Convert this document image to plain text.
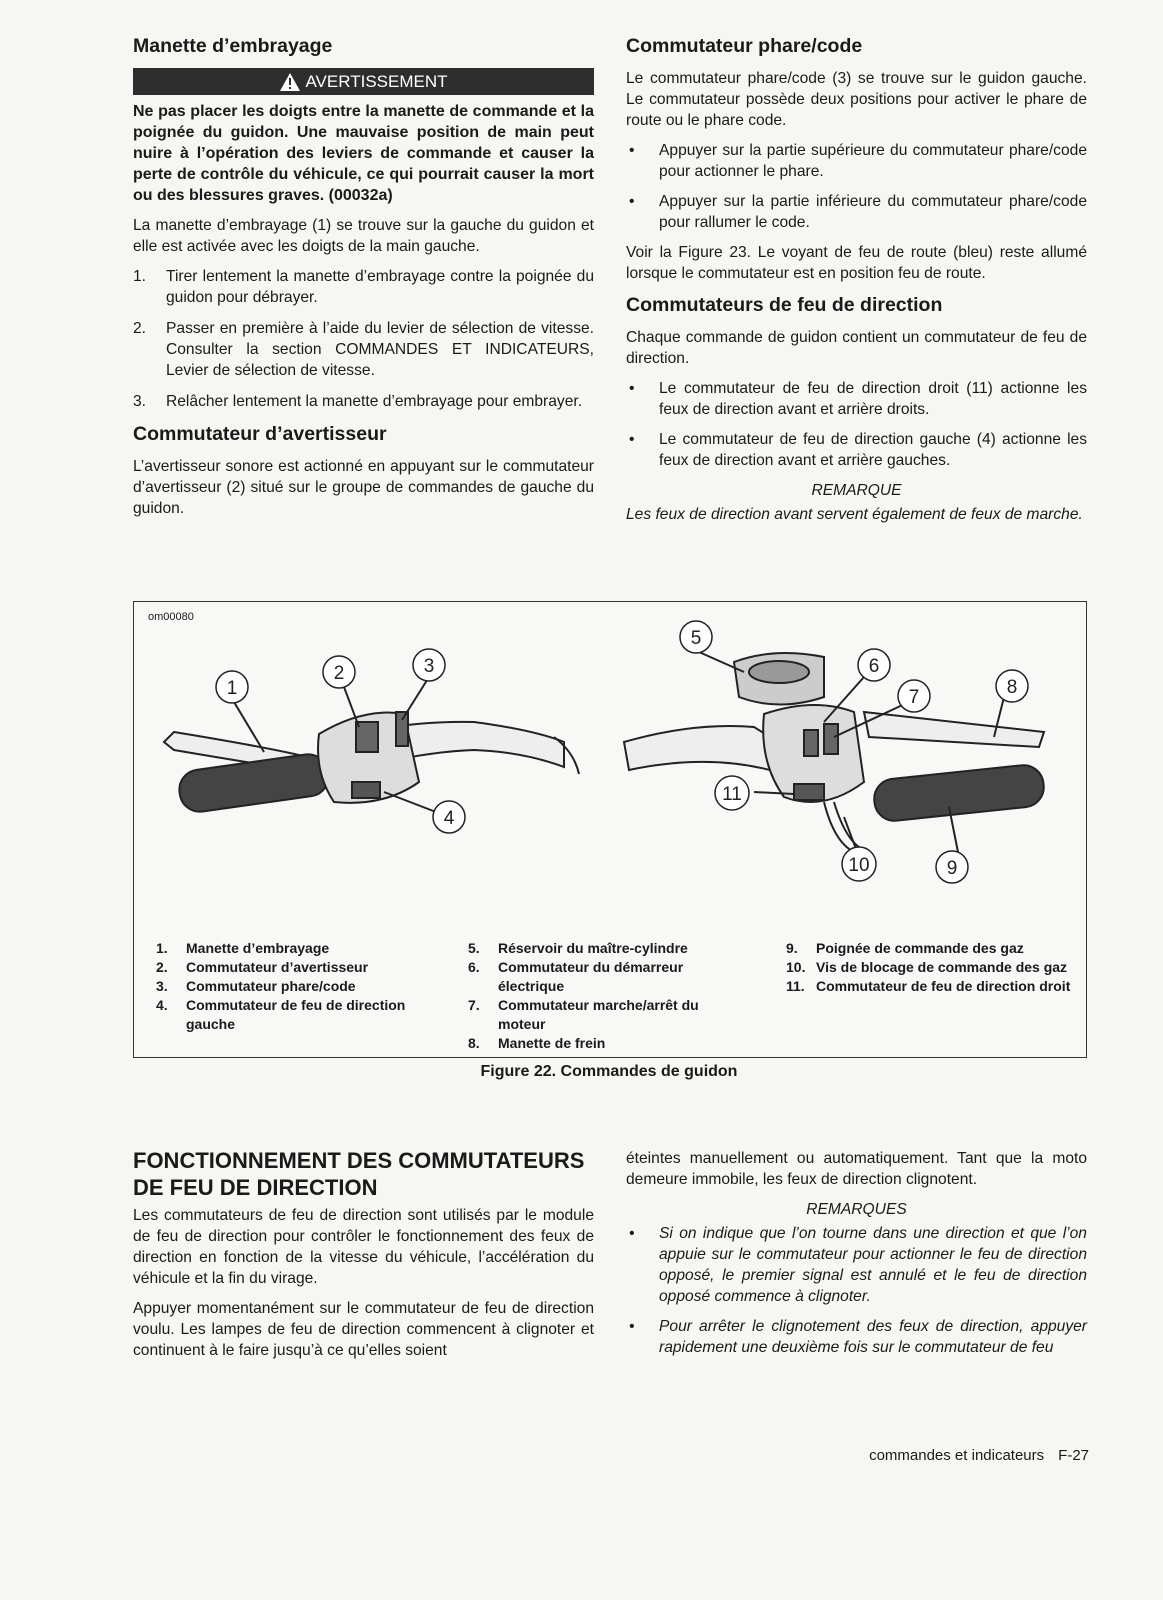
Manette d’embrayage
AVERTISSEMENT
Ne pas placer les doigts entre la manette de commande et la poignée du guidon. Une mauvaise position de main peut nuire à l’opération des leviers de commande et causer la perte de contrôle du véhicule, ce qui pourrait causer la mort ou des blessures graves. (00032a)

La manette d’embrayage (1) se trouve sur la gauche du guidon et elle est activée avec les doigts de la main gauche.

1. Tirer lentement la manette d’embrayage contre la poignée du guidon pour débrayer.
2. Passer en première à l’aide du levier de sélection de vitesse. Consulter la section COMMANDES ET INDICATEURS, Levier de sélection de vitesse.
3. Relâcher lentement la manette d’embrayage pour embrayer.
Commutateur d’avertisseur

L’avertisseur sonore est actionné en appuyant sur le commutateur d’avertisseur (2) situé sur le groupe de commandes de gauche du guidon.

Commutateur phare/code

Le commutateur phare/code (3) se trouve sur le guidon gauche. Le commutateur possède deux positions pour activer le phare de route ou le phare code.

• Appuyer sur la partie supérieure du commutateur phare/code pour actionner le phare.
• Appuyer sur la partie inférieure du commutateur phare/code pour rallumer le code.

Voir la Figure 23. Le voyant de feu de route (bleu) reste allumé lorsque le commutateur est en position feu de route.

Commutateurs de feu de direction

Chaque commande de guidon contient un commutateur de feu de direction.

• Le commutateur de feu de direction droit (11) actionne les feux de direction avant et arrière droits.
• Le commutateur de feu de direction gauche (4) actionne les feux de direction avant et arrière gauches.
REMARQUE

Les feux de direction avant servent également de feux de marche.

om00080
1
2	3
4
5
6
7	8
9
10
11
1. Manette d’embrayage
2. Commutateur d’avertisseur
3. Commutateur phare/code
4. Commutateur de feu de direction gauche
5. Réservoir du maître-cylindre
6. Commutateur du démarreur électrique
7. Commutateur marche/arrêt du moteur
8. Manette de frein
9. Poignée de commande des gaz
10. Vis de blocage de commande des gaz
11. Commutateur de feu de direction droit
Figure 22. Commandes de guidon
FONCTIONNEMENT DES COMMUTATEURS DE FEU DE DIRECTION

Les commutateurs de feu de direction sont utilisés par le module de feu de direction pour contrôler le fonctionnement des feux de direction en fonction de la vitesse du véhicule, l’accélération du véhicule et la fin du virage.

Appuyer momentanément sur le commutateur de feu de direction voulu. Les lampes de feu de direction commencent à clignoter et continuent à le faire jusqu’à ce qu’elles soient

éteintes manuellement ou automatiquement. Tant que la moto demeure immobile, les feux de direction clignotent.

REMARQUES
• Si on indique que l’on tourne dans une direction et que l’on appuie sur le commutateur pour actionner le feu de direction opposé, le premier signal est annulé et le feu de direction opposé commence à clignoter.
• Pour arrêter le clignotement des feux de direction, appuyer rapidement une deuxième fois sur le commutateur de feu
commandes et indicateurs F-27
